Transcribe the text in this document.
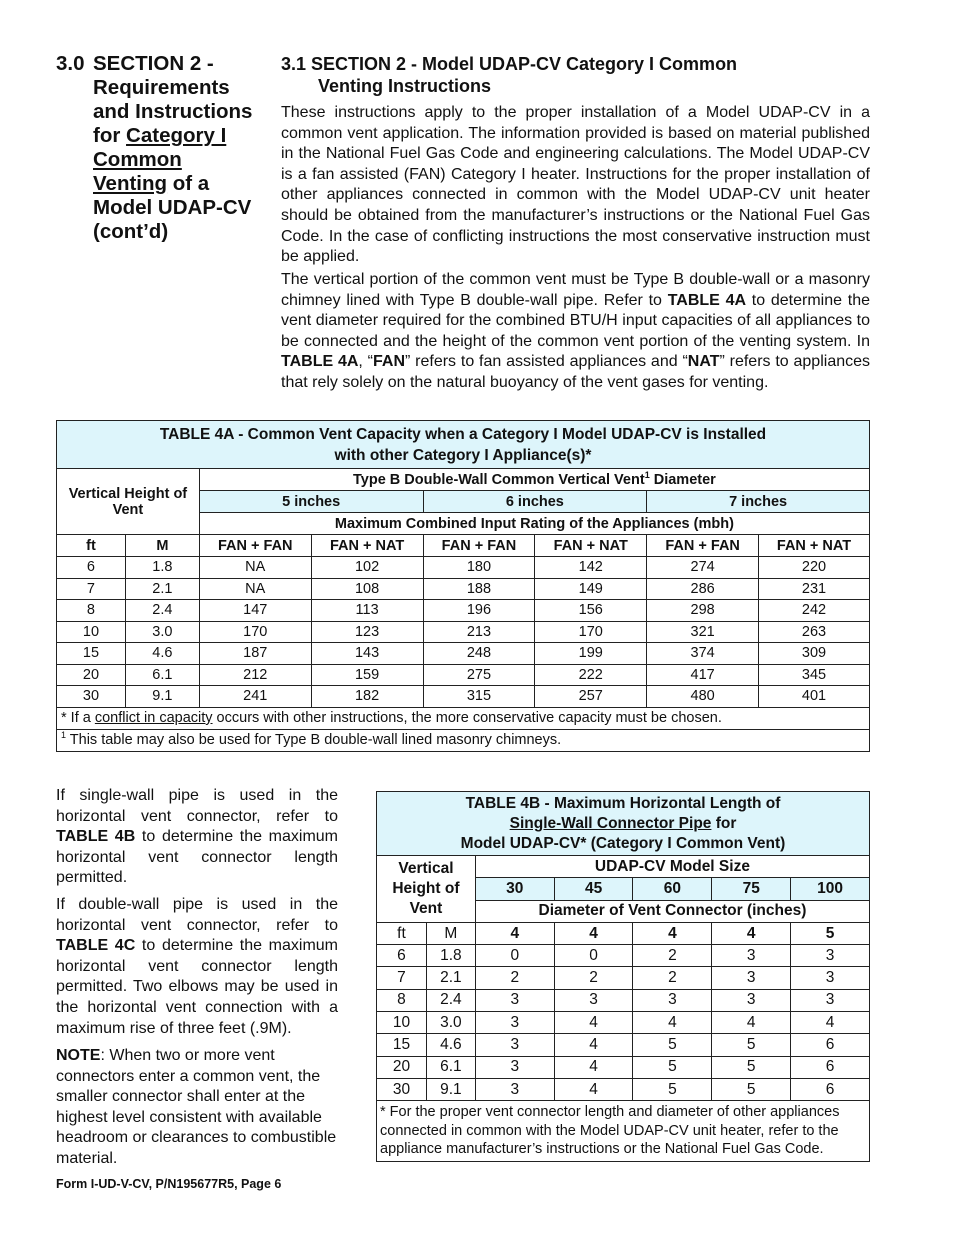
3.0 SECTION 2 - Requirements and Instructions for Category I Common Venting of a Model UDAP-CV (cont’d)
3.1 SECTION 2 - Model UDAP-CV Category I Common
Venting Instructions

These instructions apply to the proper installation of a Model UDAP-CV in a common vent application. The information provided is based on material published in the National Fuel Gas Code and engineering calculations. The Model UDAP-CV is a fan assisted (FAN) Category I heater. Instructions for the proper installation of other appliances connected in common with the Model UDAP-CV unit heater should be obtained from the manufacturer’s instructions or the National Fuel Gas Code. In the case of conflicting instructions the most conservative instruction must be applied.

The vertical portion of the common vent must be Type B double-wall or a masonry chimney lined with Type B double-wall pipe. Refer to TABLE 4A to determine the vent diameter required for the combined BTU/H input capacities of all appliances to be connected and the height of the common vent portion of the venting system. In TABLE 4A, “FAN” refers to fan assisted appliances and “NAT” refers to appliances that rely solely on the natural buoyancy of the vent gases for venting.

TABLE 4A - Common Vent Capacity when a Category I Model UDAP-CV is Installed
with other Category I Appliance(s)*							

Vertical Height of Vent		Type B Double-Wall Common Vertical Vent$^1$ Diameter					
		5 inches		6 inches		7 inches	
		Maximum Combined Input Rating of the Appliances (mbh)					
ft	M	FAN + FAN	FAN + NAT	FAN + FAN	FAN + NAT	FAN + FAN	FAN + NAT
6	1.8	NA	102	180	142	274	220
7	2.1	NA	108	188	149	286	231
8	2.4	147	113	196	156	298	242
10	3.0	170	123	213	170	321	263
15	4.6	187	143	248	199	374	309
20	6.1	212	159	275	222	417	345
30	9.1	241	182	315	257	480	401
* If a conflict in capacity occurs with other instructions, the more conservative capacity must be chosen.							
$^1$ This table may also be used for Type B double-wall lined masonry chimneys.							

If single-wall pipe is used in the horizontal vent connector, refer to TABLE 4B to determine the maximum horizontal vent connector length permitted.

If double-wall pipe is used in the horizontal vent connector, refer to TABLE 4C to determine the maximum horizontal vent connector length permitted. Two elbows may be used in the horizontal vent connection with a maximum rise of three feet (.9M).

NOTE: When two or more vent connectors enter a common vent, the smaller connector shall enter at the highest level consistent with available headroom or clearances to combustible material.

TABLE 4B - Maximum Horizontal Length of
Single-Wall Connector Pipe for
Model UDAP-CV* (Category I Common Vent)						

Vertical Height of Vent		UDAP-CV Model Size				
		30	45	60	75	100
		Diameter of Vent Connector (inches)				
ft	M	4	4	4	4	5
6	1.8	0	0	2	3	3
7	2.1	2	2	2	3	3
8	2.4	3	3	3	3	3
10	3.0	3	4	4	4	4
15	4.6	3	4	5	5	6
20	6.1	3	4	5	5	6
30	9.1	3	4	5	5	6
* For the proper vent connector length and diameter of other appliances connected in common with the Model UDAP-CV unit heater, refer to the appliance manufacturer’s instructions or the National Fuel Gas Code.						
Form I-UD-V-CV, P/N195677R5, Page 6
